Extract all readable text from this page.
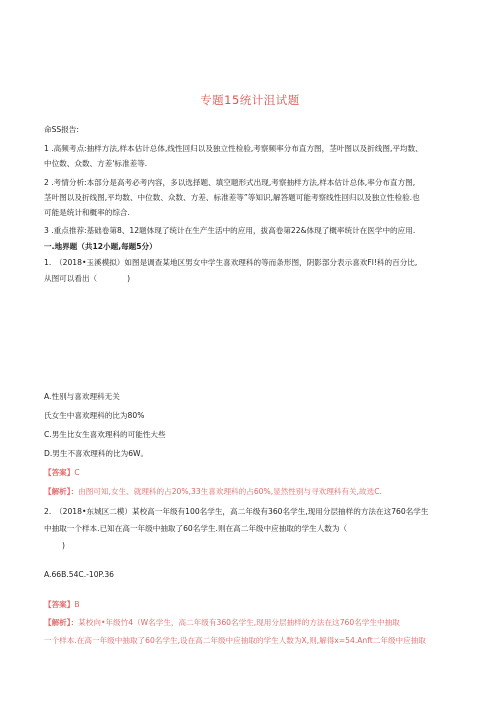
专题15统计沮试题
命SS报告:
1 .高频考点:抽样方法,样本估计总体,线性回归以及独立性检验,考察频率分布直方图，茎叶图以及折线图,平均数、
中位数、众数、方差'标准差等.
2 .考情分析:本部分是高考必考内容，多以选择题、填空题形式出现,考察抽样方法,样本估计总体,率分布直方图,
茎叶图以及折线图,平均数、中位数、众数、方差、标准差等”等知识,解答题可能考察线性回归以及独立性检验.也
可能是统计和概率的综合.
3 .重点推荐:基础卷第8、12题体现了统计在生产生活中的应用，拔高卷第22&体现了概率统计在医学中的应用.
一.地界题（共12小题,每题5分）
1.　（2018•玉溪模拟）如图是调查某地区男女中学生喜欢理科的等而条形图，阴影部分表示喜欢Fl!科的百分比,
从图可以看出（	)
A.性别与喜欢理科无关
氏女生中喜欢理科的比为80%
C.男生比女生喜欢理科的可能性大些
D.男生不喜欢理科的比为6W。
【答案】C
【解析】：由图可知,女生、就理科的占20%,33生喜欢理科的占60%,显然性别与寻欢理科有关,故选C.
2.　（2018•东城区二模）某校高一年级有100名学生，高二年级有360名学生,现用分层抽样的方法在这760名学生
中抽取一个样本.已知在高一年级中抽取了60名学生.则在高二年级中应抽取的学生人数为（
)
A.66B.54C.-10P.36
【答案】B
【解析】：某校向•年级竹4（W名学生，高二年级有360名学生,现用分层抽样的方法在这760名学生中抽取
一个样本.在高一年级中抽取了60名学生,设在高二年级中应抽取的学生人数为X,则,解得x=54.Anft二年级中应抽取
